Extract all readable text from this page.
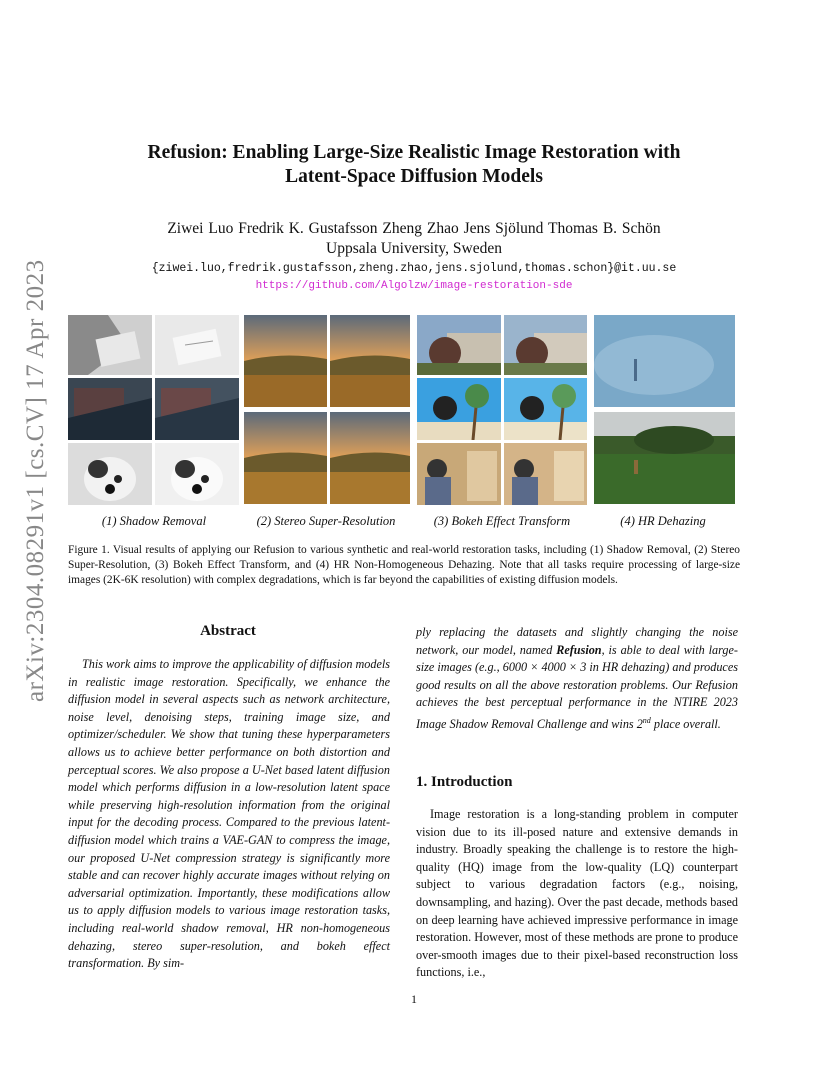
arXiv:2304.08291v1 [cs.CV] 17 Apr 2023
Refusion: Enabling Large-Size Realistic Image Restoration with
Latent-Space Diffusion Models
Ziwei Luo Fredrik K. Gustafsson Zheng Zhao Jens Sjölund Thomas B. Schön
Uppsala University, Sweden
{ziwei.luo,fredrik.gustafsson,zheng.zhao,jens.sjolund,thomas.schon}@it.uu.se
https://github.com/Algolzw/image-restoration-sde
(1) Shadow Removal	(2) Stereo Super-Resolution	(3) Bokeh Effect Transform	(4) HR Dehazing
Figure 1. Visual results of applying our Refusion to various synthetic and real-world restoration tasks, including (1) Shadow Removal, (2) Stereo Super-Resolution, (3) Bokeh Effect Transform, and (4) HR Non-Homogeneous Dehazing. Note that all tasks require processing of large-size images (2K-6K resolution) with complex degradations, which is far beyond the capabilities of existing diffusion models.
Abstract
This work aims to improve the applicability of diffusion models in realistic image restoration. Specifically, we enhance the diffusion model in several aspects such as network architecture, noise level, denoising steps, training image size, and optimizer/scheduler. We show that tuning these hyperparameters allows us to achieve better performance on both distortion and perceptual scores. We also propose a U-Net based latent diffusion model which performs diffusion in a low-resolution latent space while preserving high-resolution information from the original input for the decoding process. Compared to the previous latent-diffusion model which trains a VAE-GAN to compress the image, our proposed U-Net compression strategy is significantly more stable and can recover highly accurate images without relying on adversarial optimization. Importantly, these modifications allow us to apply diffusion models to various image restoration tasks, including real-world shadow removal, HR non-homogeneous dehazing, stereo super-resolution, and bokeh effect transformation. By sim-
ply replacing the datasets and slightly changing the noise network, our model, named Refusion, is able to deal with large-size images (e.g., 6000 × 4000 × 3 in HR dehazing) and produces good results on all the above restoration problems. Our Refusion achieves the best perceptual performance in the NTIRE 2023 Image Shadow Removal Challenge and wins 2nd place overall.
1. Introduction
Image restoration is a long-standing problem in computer vision due to its ill-posed nature and extensive demands in industry. Broadly speaking the challenge is to restore the high-quality (HQ) image from the low-quality (LQ) counterpart subject to various degradation factors (e.g., noising, downsampling, and hazing). Over the past decade, methods based on deep learning have achieved impressive performance in image restoration. However, most of these methods are prone to produce over-smooth images due to their pixel-based reconstruction loss functions, i.e.,
1
